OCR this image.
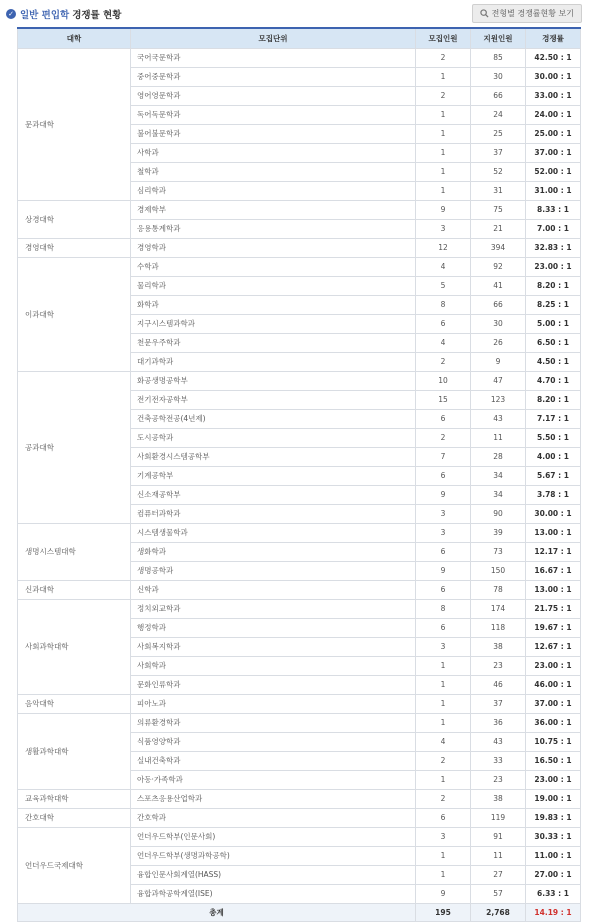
✓ 일반 편입학 경쟁률 현황	전형별 경쟁률현황 보기
대학	모집단위	모집인원	지원인원	경쟁률
문과대학	국어국문학과	2	85	42.50 : 1
	중어중문학과	1	30	30.00 : 1
	영어영문학과	2	66	33.00 : 1
	독어독문학과	1	24	24.00 : 1
	불어불문학과	1	25	25.00 : 1
	사학과	1	37	37.00 : 1
	철학과	1	52	52.00 : 1
	심리학과	1	31	31.00 : 1
상경대학	경제학부	9	75	8.33 : 1
	응용통계학과	3	21	7.00 : 1
경영대학	경영학과	12	394	32.83 : 1
이과대학	수학과	4	92	23.00 : 1
	물리학과	5	41	8.20 : 1
	화학과	8	66	8.25 : 1
	지구시스템과학과	6	30	5.00 : 1
	천문우주학과	4	26	6.50 : 1
	대기과학과	2	9	4.50 : 1
공과대학	화공생명공학부	10	47	4.70 : 1
	전기전자공학부	15	123	8.20 : 1
	건축공학전공(4년제)	6	43	7.17 : 1
	도시공학과	2	11	5.50 : 1
	사회환경시스템공학부	7	28	4.00 : 1
	기계공학부	6	34	5.67 : 1
	신소재공학부	9	34	3.78 : 1
	컴퓨터과학과	3	90	30.00 : 1
생명시스템대학	시스템생물학과	3	39	13.00 : 1
	생화학과	6	73	12.17 : 1
	생명공학과	9	150	16.67 : 1
신과대학	신학과	6	78	13.00 : 1
사회과학대학	정치외교학과	8	174	21.75 : 1
	행정학과	6	118	19.67 : 1
	사회복지학과	3	38	12.67 : 1
	사회학과	1	23	23.00 : 1
	문화인류학과	1	46	46.00 : 1
음악대학	피아노과	1	37	37.00 : 1
생활과학대학	의류환경학과	1	36	36.00 : 1
	식품영양학과	4	43	10.75 : 1
	실내건축학과	2	33	16.50 : 1
	아동·가족학과	1	23	23.00 : 1
교육과학대학	스포츠응용산업학과	2	38	19.00 : 1
간호대학	간호학과	6	119	19.83 : 1
언더우드국제대학	언더우드학부(인문사회)	3	91	30.33 : 1
	언더우드학부(생명과학공학)	1	11	11.00 : 1
	융합인문사회계열(HASS)	1	27	27.00 : 1
	융합과학공학계열(ISE)	9	57	6.33 : 1
총계		195	2,768	14.19 : 1
